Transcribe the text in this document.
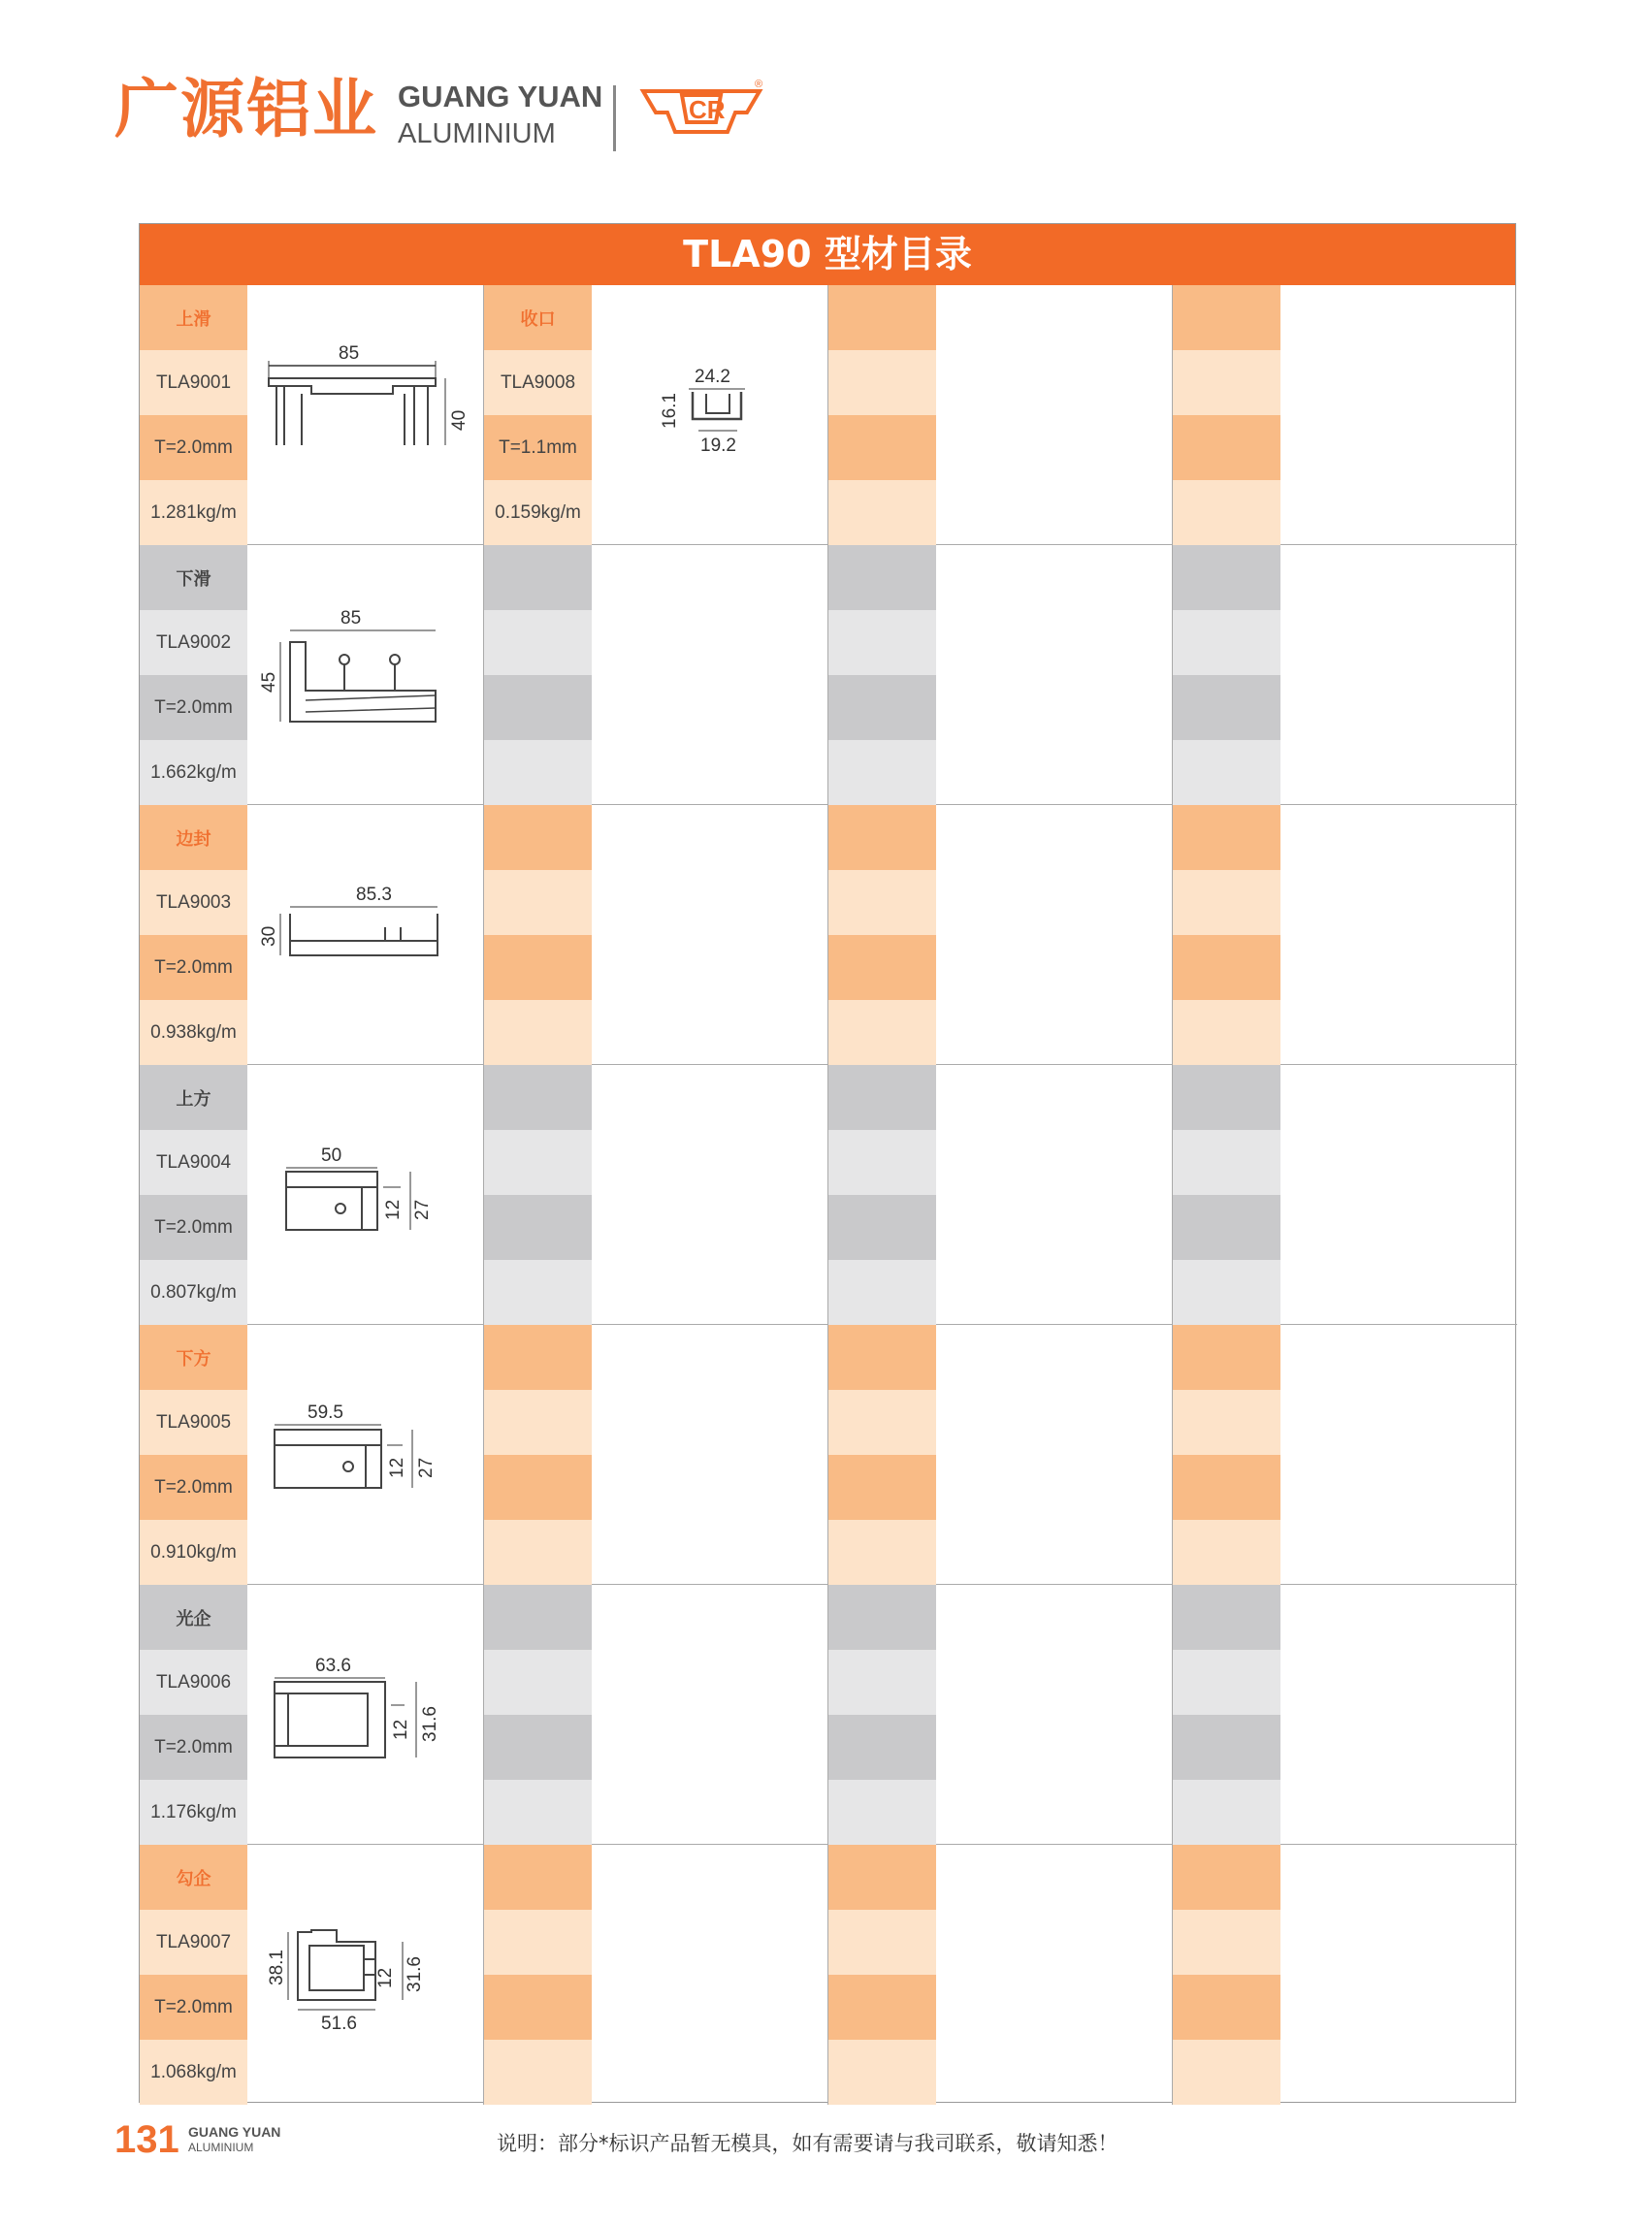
广源铝业 GUANG YUAN
ALUMINIUM
CR
®
TLA90 型材目录
上滑
TLA9001
T=2.0mm
1.281kg/m
85
40
收口
TLA9008
T=1.1mm
0.159kg/m
24.2
16.1
19.2
下滑
TLA9002
T=2.0mm
1.662kg/m
85
45
边封
TLA9003
T=2.0mm
0.938kg/m
85.3
30
上方
TLA9004
T=2.0mm
0.807kg/m
50
12 27
下方
TLA9005
T=2.0mm
0.910kg/m
59.5
12 27
光企
TLA9006
T=2.0mm
1.176kg/m
63.6
12 31.6
勾企
TLA9007
T=2.0mm
1.068kg/m
38.1	12 31.6
51.6
131 GUANG YUAN
ALUMINIUM	说明：部分*标识产品暂无模具，如有需要请与我司联系，敬请知悉！
